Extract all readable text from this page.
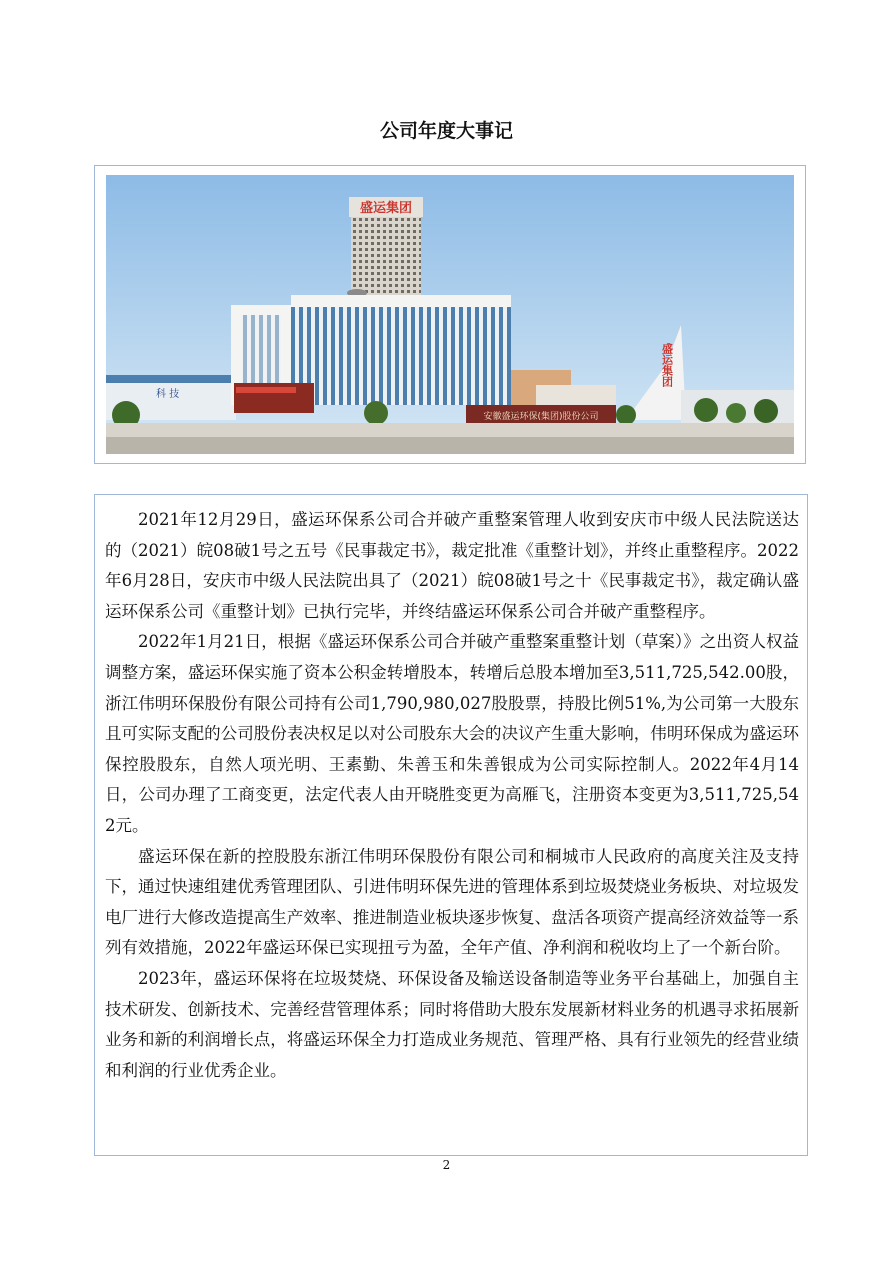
公司年度大事记
盛运集团
科 技
盛运集团
安徽盛运环保(集团)股份公司

2021年12月29日，盛运环保系公司合并破产重整案管理人收到安庆市中级人民法院送达的（2021）皖08破1号之五号《民事裁定书》，裁定批准《重整计划》，并终止重整程序。2022年6月28日，安庆市中级人民法院出具了（2021）皖08破1号之十《民事裁定书》，裁定确认盛运环保系公司《重整计划》已执行完毕，并终结盛运环保系公司合并破产重整程序。

2022年1月21日，根据《盛运环保系公司合并破产重整案重整计划（草案）》之出资人权益调整方案，盛运环保实施了资本公积金转增股本，转增后总股本增加至3,511,725,542.00股，浙江伟明环保股份有限公司持有公司1,790,980,027股股票，持股比例51%,为公司第一大股东且可实际支配的公司股份表决权足以对公司股东大会的决议产生重大影响，伟明环保成为盛运环保控股股东，自然人项光明、王素勤、朱善玉和朱善银成为公司实际控制人。2022年4月14日，公司办理了工商变更，法定代表人由开晓胜变更为高雁飞，注册资本变更为3,511,725,542元。

盛运环保在新的控股股东浙江伟明环保股份有限公司和桐城市人民政府的高度关注及支持下，通过快速组建优秀管理团队、引进伟明环保先进的管理体系到垃圾焚烧业务板块、对垃圾发电厂进行大修改造提高生产效率、推进制造业板块逐步恢复、盘活各项资产提高经济效益等一系列有效措施，2022年盛运环保已实现扭亏为盈，全年产值、净利润和税收均上了一个新台阶。

2023年，盛运环保将在垃圾焚烧、环保设备及输送设备制造等业务平台基础上，加强自主技术研发、创新技术、完善经营管理体系；同时将借助大股东发展新材料业务的机遇寻求拓展新业务和新的利润增长点，将盛运环保全力打造成业务规范、管理严格、具有行业领先的经营业绩和利润的行业优秀企业。

2
